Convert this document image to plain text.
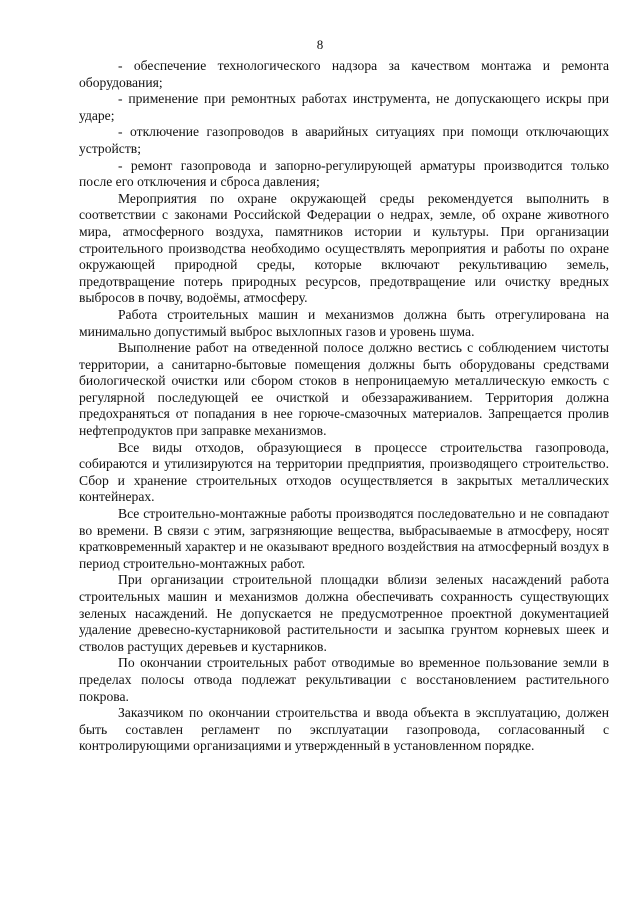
8

- обеспечение технологического надзора за качеством монтажа и ремонта оборудования;

- применение при ремонтных работах инструмента, не допускающего искры при ударе;

- отключение газопроводов в аварийных ситуациях при помощи отключающих устройств;

- ремонт газопровода и запорно-регулирующей арматуры производится только после его отключения и сброса давления;

Мероприятия по охране окружающей среды рекомендуется выполнить в соответствии с законами Российской Федерации о недрах, земле, об охране животного мира, атмосферного воздуха, памятников истории и культуры. При организации строительного производства необходимо осуществлять мероприятия и работы по охране окружающей природной среды, которые включают рекультивацию земель, предотвращение потерь природных ресурсов, предотвращение или очистку вредных выбросов в почву, водоёмы, атмосферу.

Работа строительных машин и механизмов должна быть отрегулирована на минимально допустимый выброс выхлопных газов и уровень шума.

Выполнение работ на отведенной полосе должно вестись с соблюдением чистоты территории, а санитарно-бытовые помещения должны быть оборудованы средствами биологической очистки или сбором стоков в непроницаемую металлическую емкость с регулярной последующей ее очисткой и обеззараживанием. Территория должна предохраняться от попадания в нее горюче-смазочных материалов. Запрещается пролив нефтепродуктов при заправке механизмов.

Все виды отходов, образующиеся в процессе строительства газопровода, собираются и утилизируются на территории предприятия, производящего строительство. Сбор и хранение строительных отходов осуществляется в закрытых металлических контейнерах.

Все строительно-монтажные работы производятся последовательно и не совпадают во времени. В связи с этим, загрязняющие вещества, выбрасываемые в атмосферу, носят кратковременный характер и не оказывают вредного воздействия на атмосферный воздух в период строительно-монтажных работ.

При организации строительной площадки вблизи зеленых насаждений работа строительных машин и механизмов должна обеспечивать сохранность существующих зеленых насаждений. Не допускается не предусмотренное проектной документацией удаление древесно-кустарниковой растительности и засыпка грунтом корневых шеек и стволов растущих деревьев и кустарников.

По окончании строительных работ отводимые во временное пользование земли в пределах полосы отвода подлежат рекультивации с восстановлением растительного покрова.

Заказчиком по окончании строительства и ввода объекта в эксплуатацию, должен быть составлен регламент по эксплуатации газопровода, согласованный с контролирующими организациями и утвержденный в установленном порядке.
